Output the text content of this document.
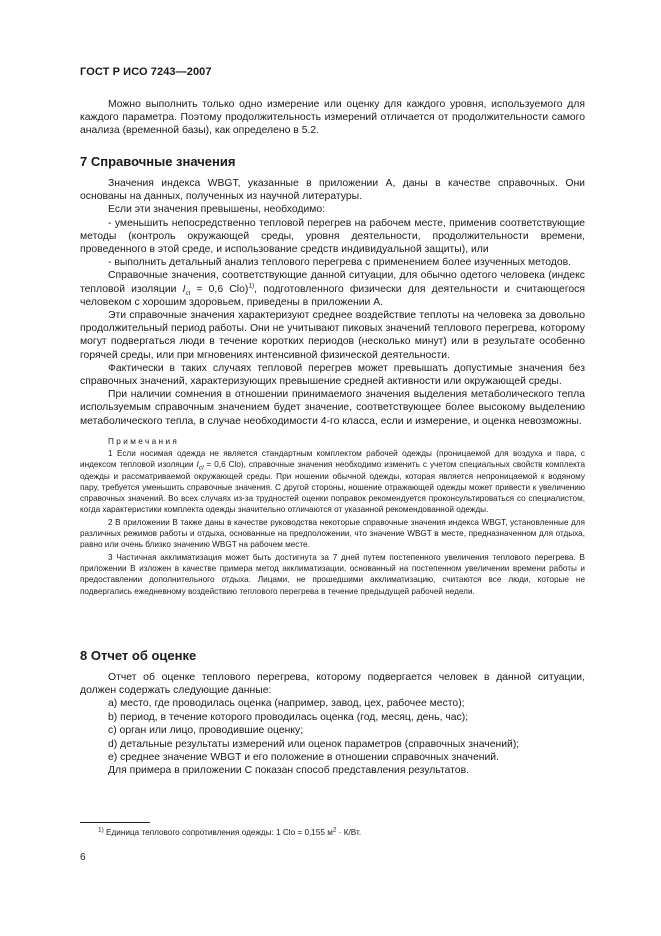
ГОСТ Р ИСО 7243—2007

Можно выполнить только одно измерение или оценку для каждого уровня, используемого для каждого параметра. Поэтому продолжительность измерений отличается от продолжительности самого анализа (временной базы), как определено в 5.2.

7 Справочные значения

Значения индекса WBGT, указанные в приложении А, даны в качестве справочных. Они основаны на данных, полученных из научной литературы.

Если эти значения превышены, необходимо:

- уменьшить непосредственно тепловой перегрев на рабочем месте, применив соответствующие методы (контроль окружающей среды, уровня деятельности, продолжительности времени, проведенного в этой среде, и использование средств индивидуальной защиты), или

- выполнить детальный анализ теплового перегрева с применением более изученных методов.

Справочные значения, соответствующие данной ситуации, для обычно одетого человека (индекс тепловой изоляции $I_{cl} = 0,6$ Clo)$^{1)}$, подготовленного физически для деятельности и считающегося человеком с хорошим здоровьем, приведены в приложении А.

Эти справочные значения характеризуют среднее воздействие теплоты на человека за довольно продолжительный период работы. Они не учитывают пиковых значений теплового перегрева, которому могут подвергаться люди в течение коротких периодов (несколько минут) или в результате особенно горячей среды, или при мгновениях интенсивной физической деятельности.

Фактически в таких случаях тепловой перегрев может превышать допустимые значения без справочных значений, характеризующих превышение средней активности или окружающей среды.

При наличии сомнения в отношении принимаемого значения выделения метаболического тепла используемым справочным значением будет значение, соответствующее более высокому выделению метаболического тепла, в случае необходимости 4-го класса, если и измерение, и оценка невозможны.

Примечания

1 Если носимая одежда не является стандартным комплектом рабочей одежды (проницаемой для воздуха и пара, с индексом тепловой изоляции $I_{cl} = 0,6$ Clo), справочные значения необходимо изменить с учетом специальных свойств комплекта одежды и рассматриваемой окружающей среды. При ношении обычной одежды, которая является непроницаемой к водяному пару, требуется уменьшить справочные значения. С другой стороны, ношение отражающей одежды может привести к увеличению справочных значений. Во всех случаях из-за трудностей оценки поправок рекомендуется проконсультироваться со специалистом, когда характеристики комплекта одежды значительно отличаются от указанной рекомендованной одежды.

2 В приложении В также даны в качестве руководства некоторые справочные значения индекса WBGT, установленные для различных режимов работы и отдыха, основанные на предположении, что значение WBGT в месте, предназначенном для отдыха, равно или очень близко значению WBGT на рабочем месте.

3 Частичная акклиматизация может быть достигнута за 7 дней путем постепенного увеличения теплового перегрева. В приложении В изложен в качестве примера метод акклиматизации, основанный на постепенном увеличении времени работы и предоставлении дополнительного отдыха. Лицами, не прошедшими акклиматизацию, считаются все люди, которые не подвергались ежедневному воздействию теплового перегрева в течение предыдущей рабочей недели.

8 Отчет об оценке

Отчет об оценке теплового перегрева, которому подвергается человек в данной ситуации, должен содержать следующие данные:

а) место, где проводилась оценка (например, завод, цех, рабочее место);

b) период, в течение которого проводилась оценка (год, месяц, день, час);

с) орган или лицо, проводившие оценку;

d) детальные результаты измерений или оценок параметров (справочных значений);

е) среднее значение WBGT и его положение в отношении справочных значений.

Для примера в приложении С показан способ представления результатов.

$^{1)}$ Единица теплового сопротивления одежды: 1 Clo = 0,155 $м^2 \cdot К/Вт$.
6
